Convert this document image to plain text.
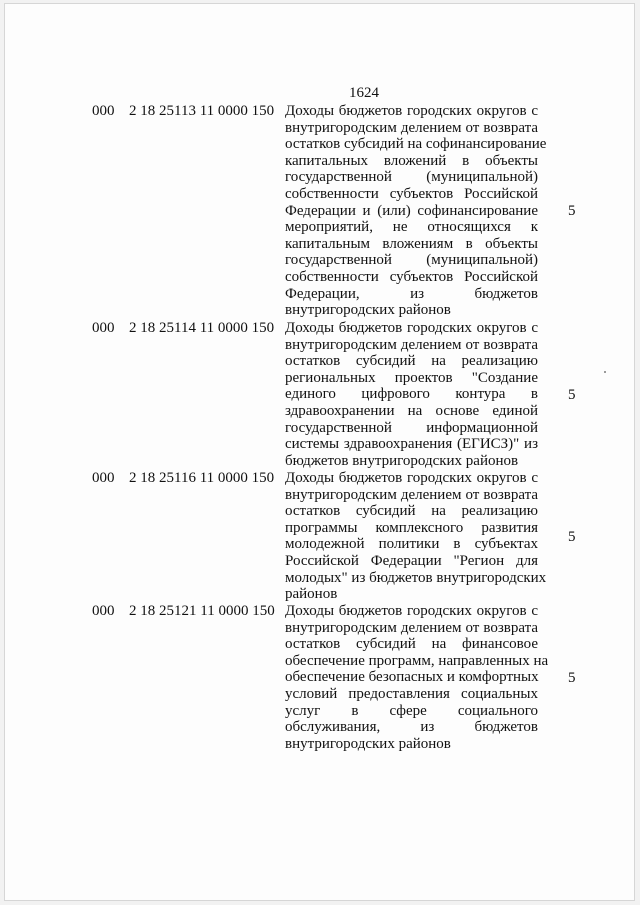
1624
000 2 18 25113 11 0000 150 Доходы бюджетов городских округов с
внутригородским делением от возврата
остатков субсидий на софинансирование
капитальных вложений в объекты
государственной (муниципальной)
собственности субъектов Российской
Федерации и (или) софинансирование
мероприятий, не относящихся к
капитальным вложениям в объекты
государственной (муниципальной)
собственности субъектов Российской
Федерации, из бюджетов
внутригородских районов
5
000 2 18 25114 11 0000 150 Доходы бюджетов городских округов с
внутригородским делением от возврата
остатков субсидий на реализацию
региональных проектов "Создание
единого цифрового контура в
здравоохранении на основе единой
государственной информационной
системы здравоохранения (ЕГИСЗ)" из
бюджетов внутригородских районов
5
000 2 18 25116 11 0000 150 Доходы бюджетов городских округов с
внутригородским делением от возврата
остатков субсидий на реализацию
программы комплексного развития
молодежной политики в субъектах
Российской Федерации "Регион для
молодых" из бюджетов внутригородских
районов
5
000 2 18 25121 11 0000 150 Доходы бюджетов городских округов с
внутригородским делением от возврата
остатков субсидий на финансовое
обеспечение программ, направленных на
обеспечение безопасных и комфортных
условий предоставления социальных
услуг в сфере социального
обслуживания, из бюджетов
внутригородских районов
5
